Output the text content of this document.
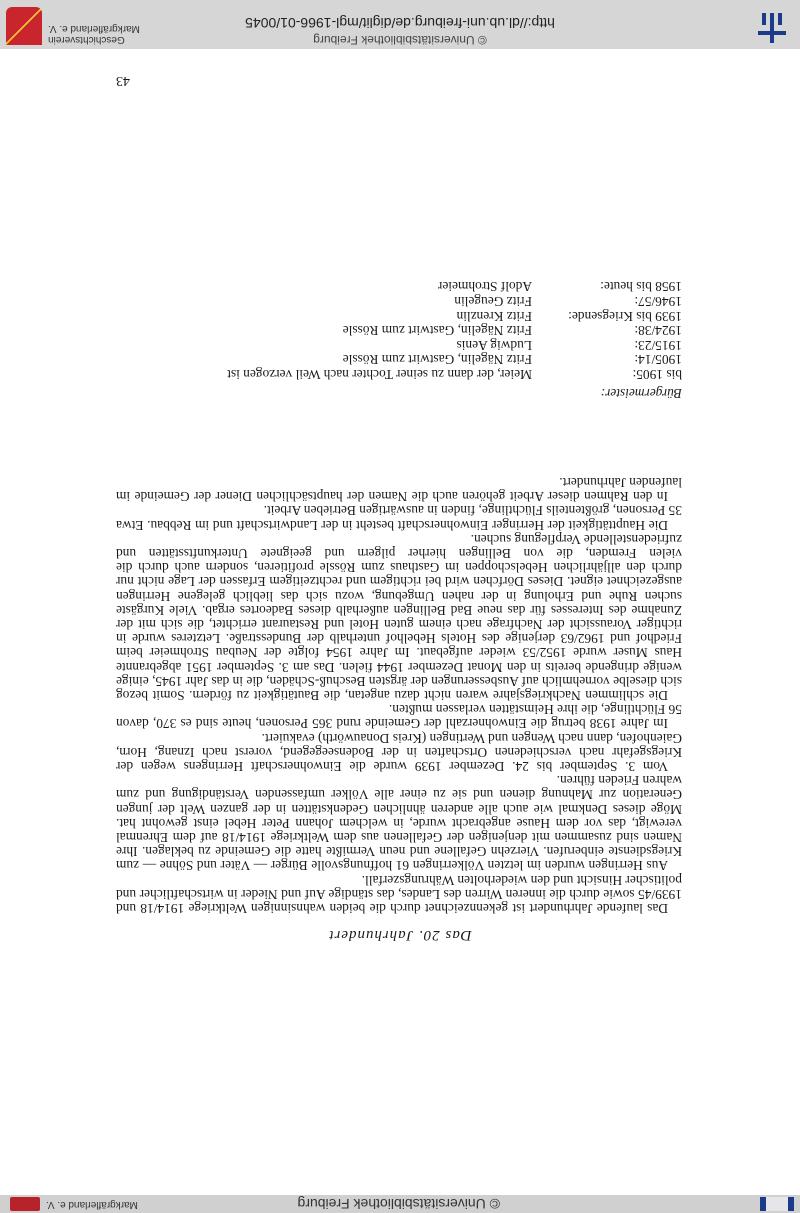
© Universitätsbibliothek Freiburg
Markgräflerland e. V.
Das 20. Jahrhundert

Das laufende Jahrhundert ist gekennzeichnet durch die beiden wahnsinnigen Weltkriege 1914/18 und 1939/45 sowie durch die inneren Wirren des Landes, das ständige Auf und Nieder in wirtschaftlicher und politischer Hinsicht und den wiederholten Währungszerfall.

Aus Herringen wurden im letzten Völkerringen 61 hoffnungsvolle Bürger — Väter und Söhne — zum Kriegsdienste einberufen. Vierzehn Gefallene und neun Vermißte hatte die Gemeinde zu beklagen. Ihre Namen sind zusammen mit denjenigen der Gefallenen aus dem Weltkriege 1914/18 auf dem Ehrenmal verewigt, das vor dem Hause angebracht wurde, in welchem Johann Peter Hebel einst gewohnt hat. Möge dieses Denkmal wie auch alle anderen ähnlichen Gedenkstätten in der ganzen Welt der jungen Generation zur Mahnung dienen und sie zu einer alle Völker umfassenden Verständigung und zum wahren Frieden führen.

Vom 3. September bis 24. Dezember 1939 wurde die Einwohnerschaft Herringens wegen der Kriegsgefahr nach verschiedenen Ortschaften in der Bodenseegegend, vorerst nach Iznang, Horn, Gaienhofen, dann nach Wengen und Wertingen (Kreis Donauwörth) evakuiert.

Im Jahre 1938 betrug die Einwohnerzahl der Gemeinde rund 365 Personen, heute sind es 370, davon 56 Flüchtlinge, die ihre Heimstätten verlassen mußten.

Die schlimmen Nachkriegsjahre waren nicht dazu angetan, die Bautätigkeit zu fördern. Somit bezog sich dieselbe vornehmlich auf Ausbesserungen der ärgsten Beschuß-Schäden, die in das Jahr 1945, einige wenige dringende bereits in den Monat Dezember 1944 fielen. Das am 3. September 1951 abgebrannte Haus Muser wurde 1952/53 wieder aufgebaut. Im Jahre 1954 folgte der Neubau Strohmeier beim Friedhof und 1962/63 derjenige des Hotels Hebelhof unterhalb der Bundesstraße. Letzteres wurde in richtiger Voraussicht der Nachfrage nach einem guten Hotel und Restaurant errichtet, die sich mit der Zunahme des Interesses für das neue Bad Bellingen außerhalb dieses Badeortes ergab. Viele Kurgäste suchen Ruhe und Erholung in der nahen Umgebung, wozu sich das lieblich gelegene Herringen ausgezeichnet eignet. Dieses Dörfchen wird bei richtigem und rechtzeitigem Erfassen der Lage nicht nur durch den alljährlichen Hebelschoppen im Gasthaus zum Rössle profitieren, sondern auch durch die vielen Fremden, die von Bellingen hierher pilgern und geeignete Unterkunftsstätten und zufriedenstellende Verpflegung suchen.

Die Haupttätigkeit der Herringer Einwohnerschaft besteht in der Landwirtschaft und im Rebbau. Etwa 35 Personen, größtenteils Flüchtlinge, finden in auswärtigen Betrieben Arbeit.

In den Rahmen dieser Arbeit gehören auch die Namen der hauptsächlichen Diener der Gemeinde im laufenden Jahrhundert.

Bürgermeister:
bis 1905:
Meier, der dann zu seiner Tochter nach Weil verzogen ist
1905/14:
Fritz Nägelin, Gastwirt zum Rössle
1915/23:
Ludwig Aenis
1924/38:
Fritz Nägelin, Gastwirt zum Rössle
1939 bis Kriegsende:
Fritz Krenzlin
1946/57:
Fritz Geugelin
1958 bis heute:
Adolf Strohmeier
43
© Universitätsbibliothek Freiburg
http://dl.ub.uni-freiburg.de/diglit/mgl-1966-01/0045
Geschichtsverein Markgräflerland e. V.
